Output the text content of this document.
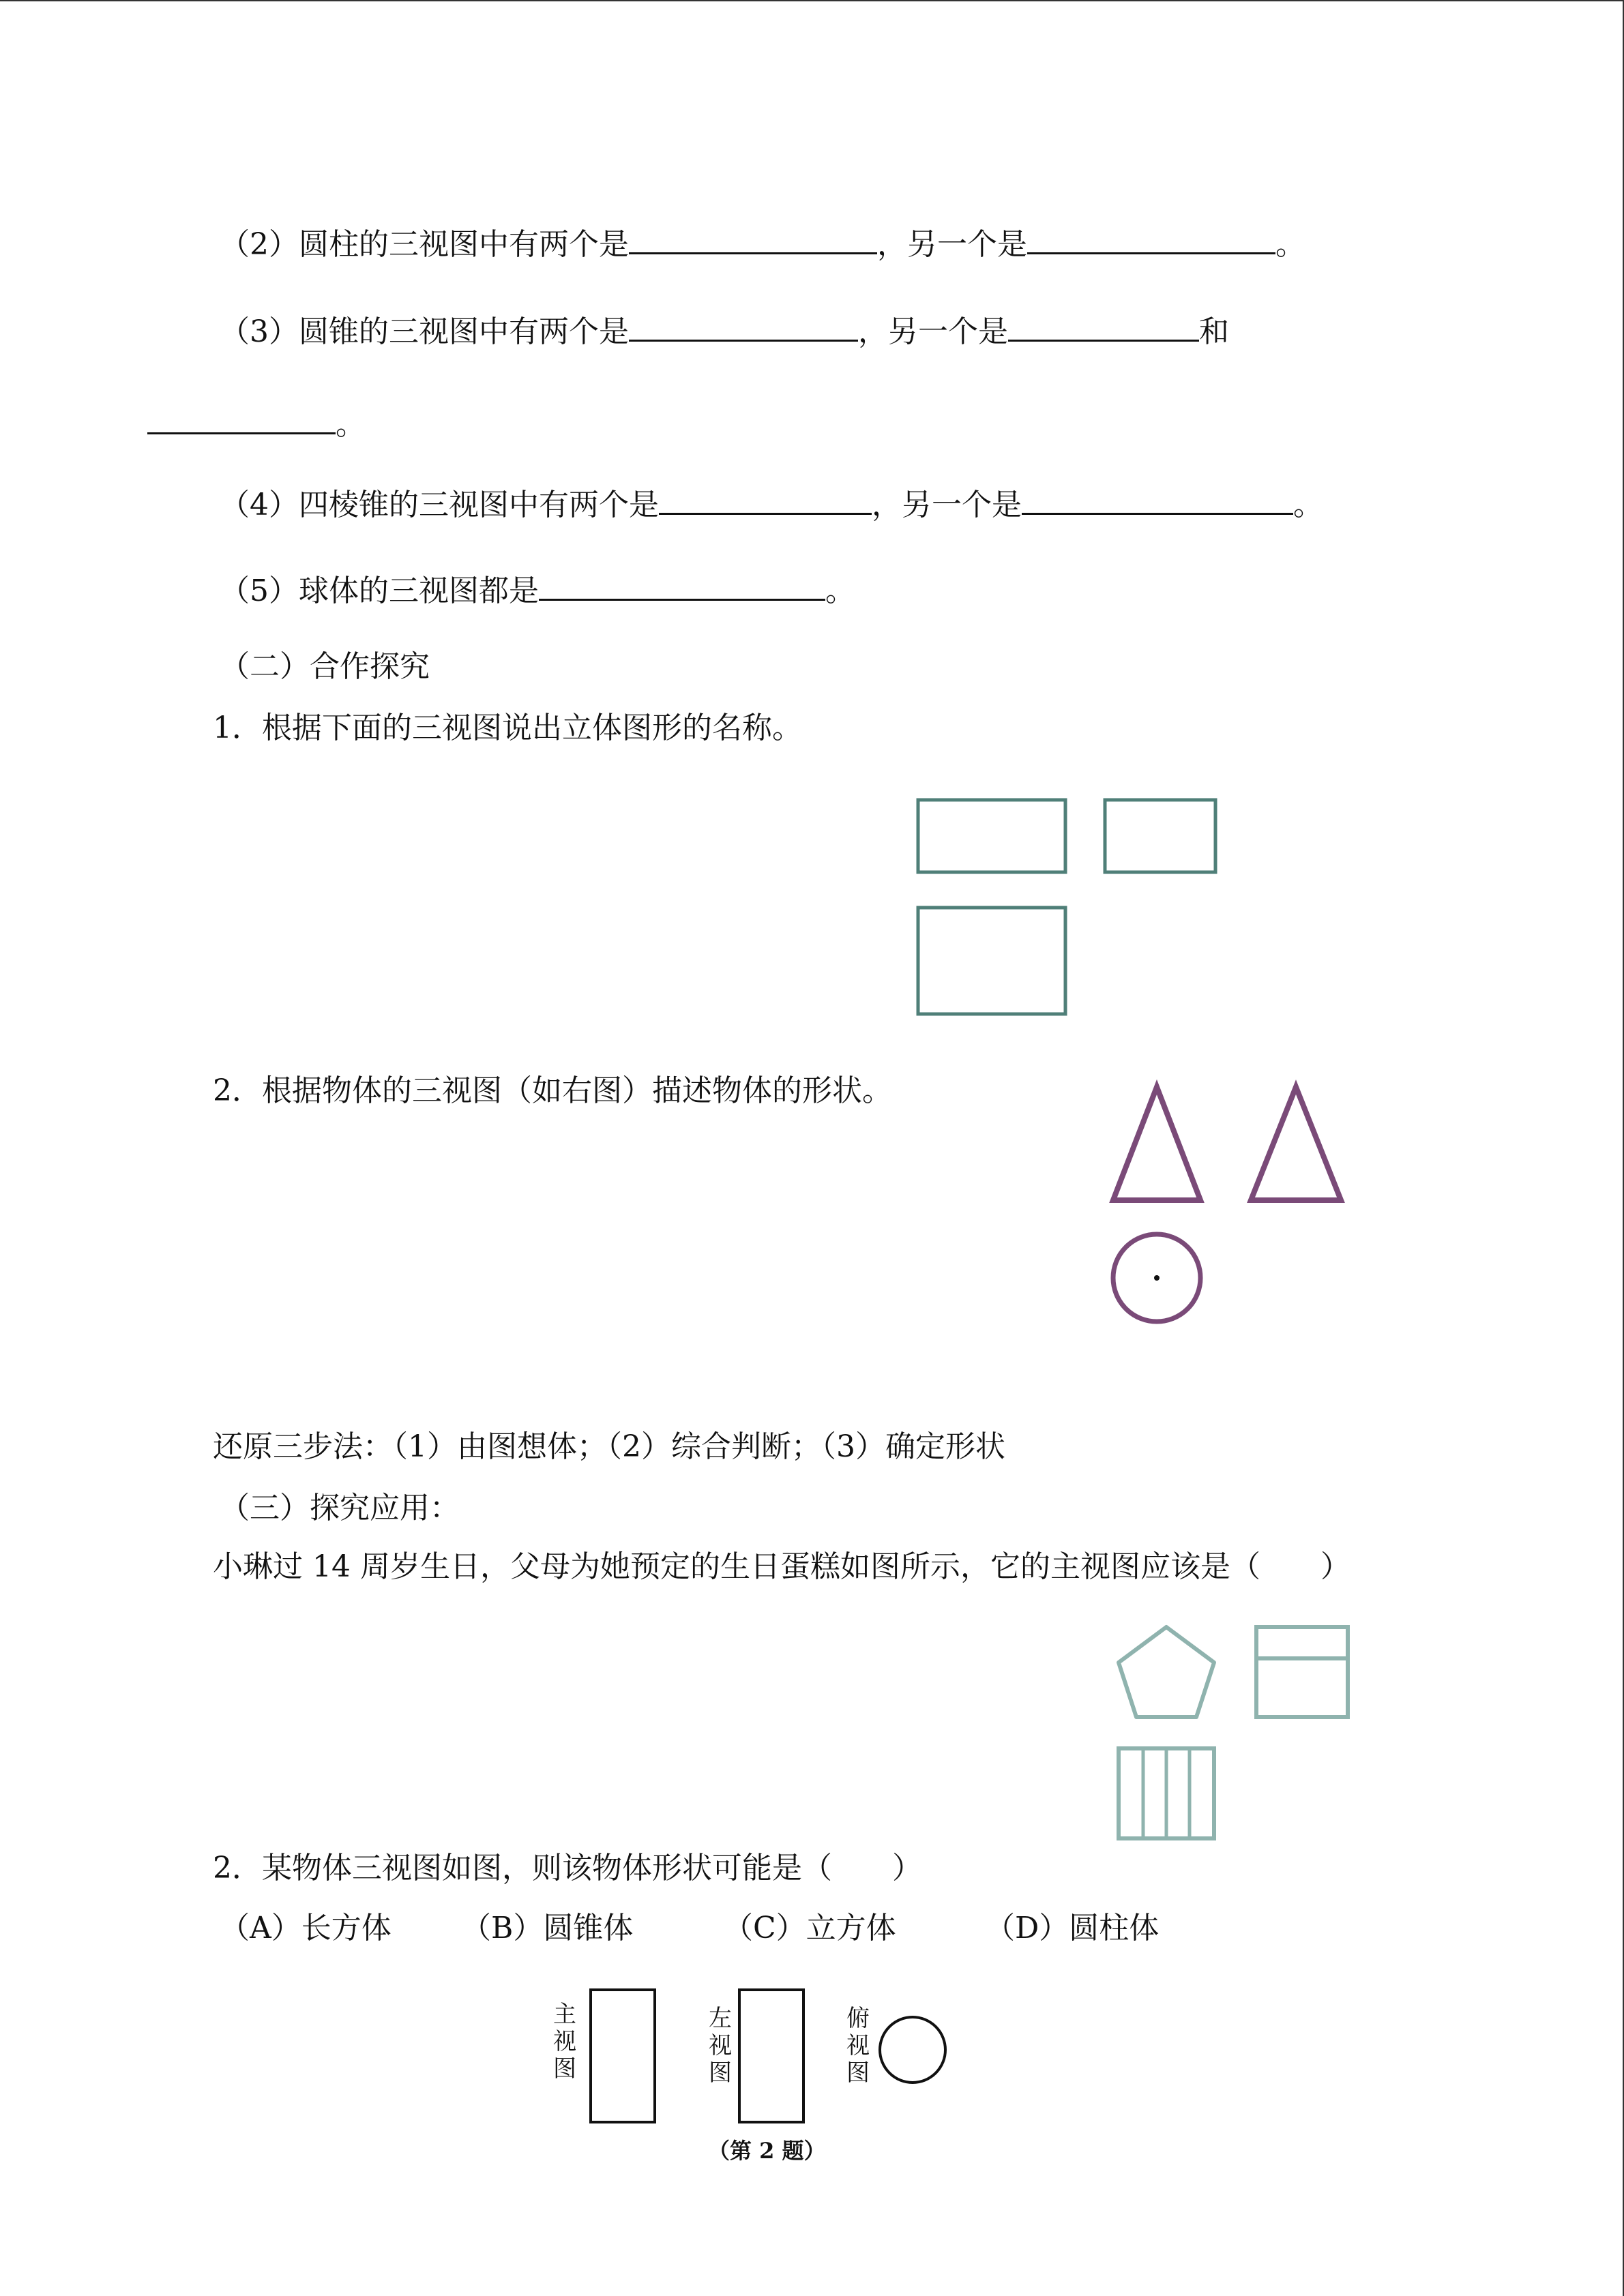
（2）圆柱的三视图中有两个是	，另一个是	。
（3）圆锥的三视图中有两个是	，另一个是	和
。
（4）四棱锥的三视图中有两个是	，另一个是	。
（5）球体的三视图都是	。
（二）合作探究
1．根据下面的三视图说出立体图形的名称。
2．根据物体的三视图（如右图）描述物体的形状。
还原三步法：（1）由图想体；（2）综合判断；（3）确定形状
（三）探究应用：
小琳过 14 周岁生日，父母为她预定的生日蛋糕如图所示，它的主视图应该是（　　）
2．某物体三视图如图，则该物体形状可能是（　　）
（A）长方体 （B）圆锥体	（C）立方体	（D）圆柱体
主视图
左视图
俯视图
（第 2 题）
